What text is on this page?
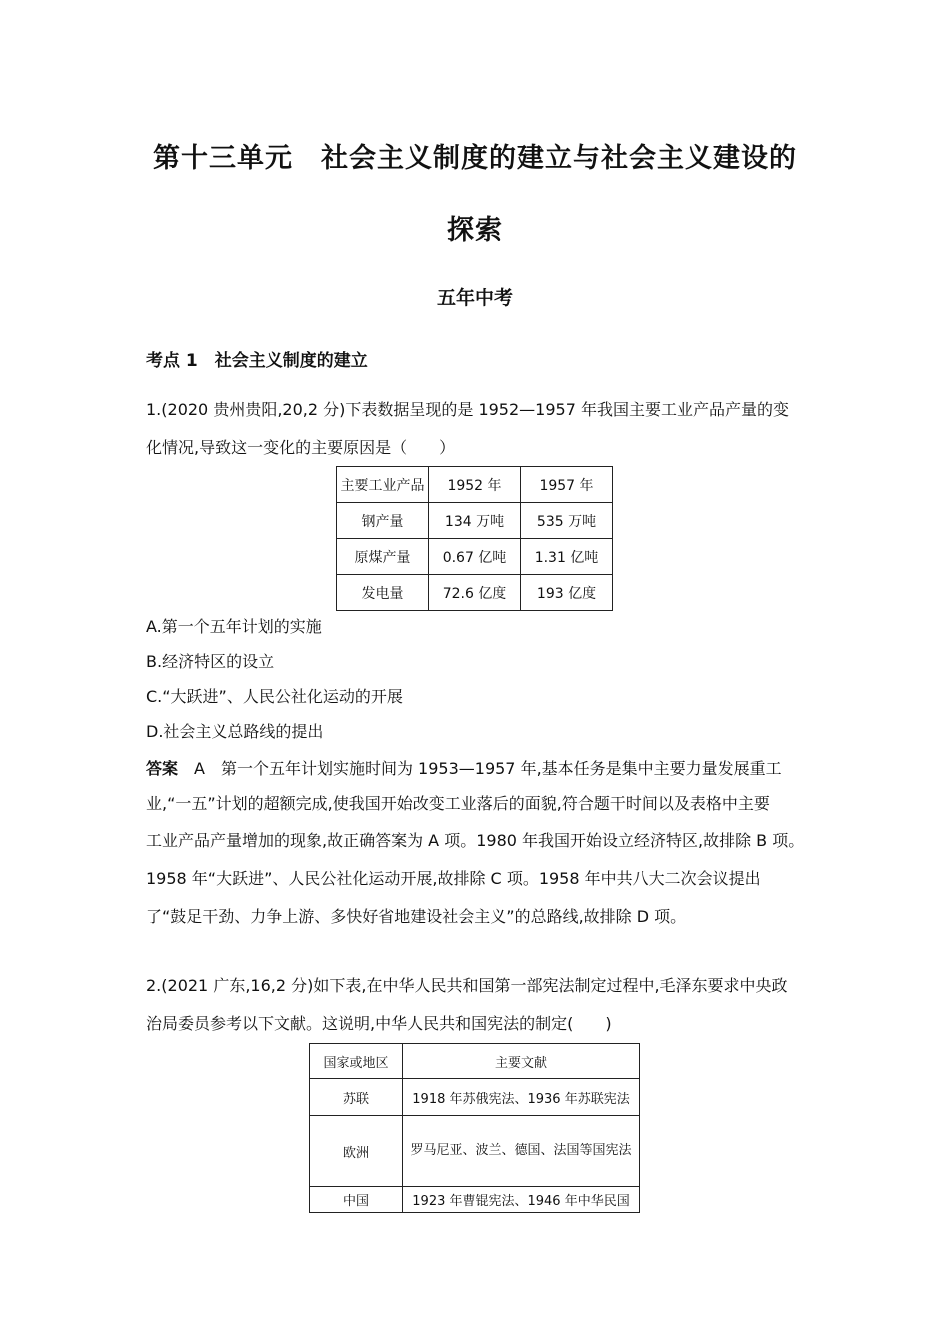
第十三单元　社会主义制度的建立与社会主义建设的
探索
五年中考
考点 1　社会主义制度的建立
1.(2020 贵州贵阳,20,2 分)下表数据呈现的是 1952—1957 年我国主要工业产品产量的变
化情况,导致这一变化的主要原因是（　　）
主要工业产品	1952 年	1957 年
钢产量	134 万吨	535 万吨
原煤产量	0.67 亿吨	1.31 亿吨
发电量	72.6 亿度	193 亿度
A.第一个五年计划的实施
B.经济特区的设立
C.“大跃进”、人民公社化运动的开展
D.社会主义总路线的提出
答案　A　第一个五年计划实施时间为 1953—1957 年,基本任务是集中主要力量发展重工
业,“一五”计划的超额完成,使我国开始改变工业落后的面貌,符合题干时间以及表格中主要
工业产品产量增加的现象,故正确答案为 A 项。1980 年我国开始设立经济特区,故排除 B 项。
1958 年“大跃进”、人民公社化运动开展,故排除 C 项。1958 年中共八大二次会议提出
了“鼓足干劲、力争上游、多快好省地建设社会主义”的总路线,故排除 D 项。
2.(2021 广东,16,2 分)如下表,在中华人民共和国第一部宪法制定过程中,毛泽东要求中央政
治局委员参考以下文献。这说明,中华人民共和国宪法的制定(　　)
国家或地区	主要文献
苏联	1918 年苏俄宪法、1936 年苏联宪法
欧洲	罗马尼亚、波兰、德国、法国等国宪法
中国	1923 年曹锟宪法、1946 年中华民国
